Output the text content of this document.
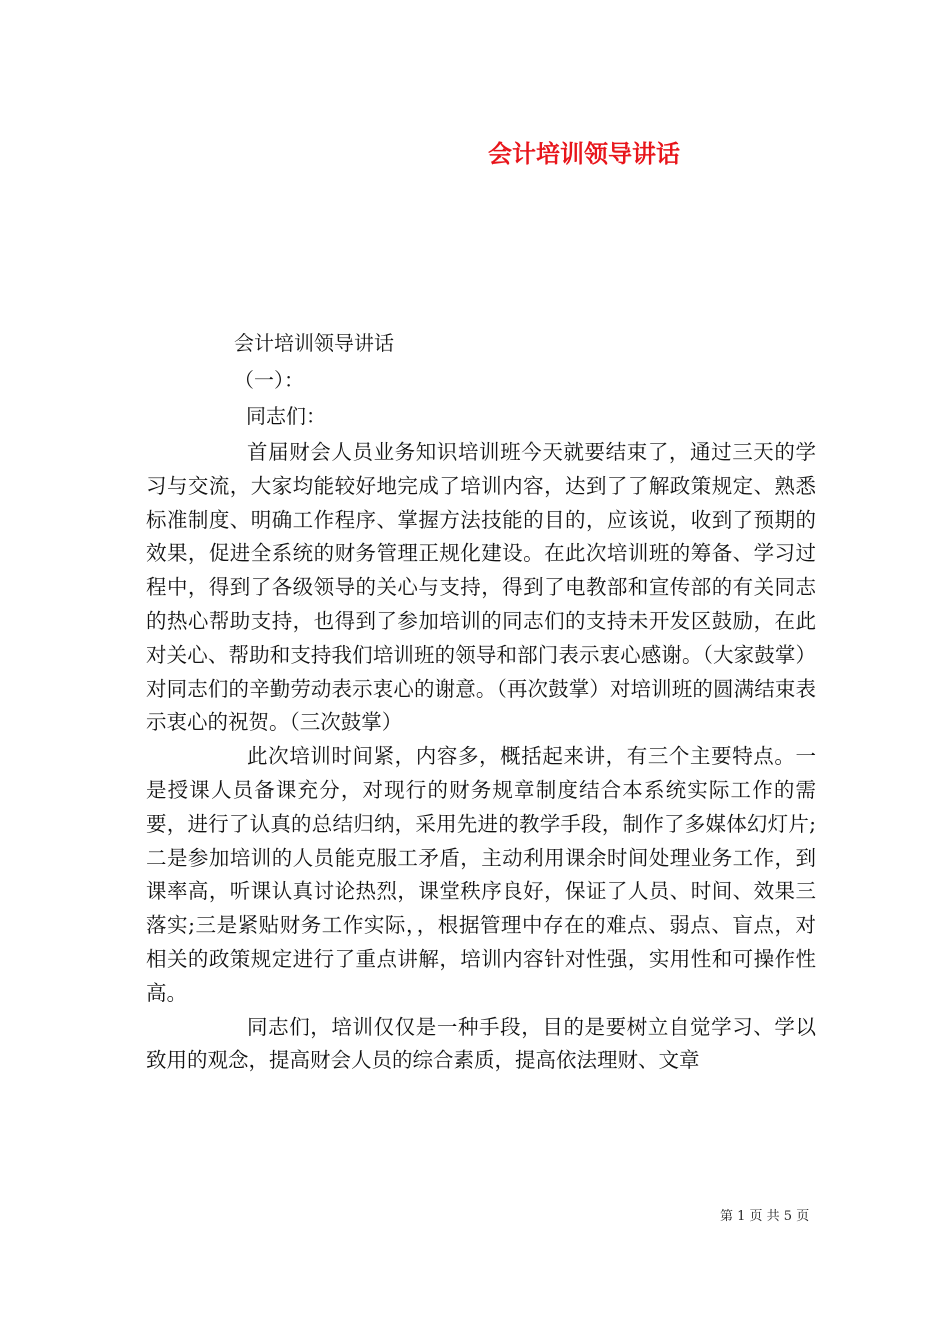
会计培训领导讲话
会计培训领导讲话
（一）：
同志们：

首届财会人员业务知识培训班今天就要结束了，通过三天的学习与交流，大家均能较好地完成了培训内容，达到了了解政策规定、熟悉标准制度、明确工作程序、掌握方法技能的目的，应该说，收到了预期的效果，促进全系统的财务管理正规化建设。在此次培训班的筹备、学习过程中，得到了各级领导的关心与支持，得到了电教部和宣传部的有关同志的热心帮助支持，也得到了参加培训的同志们的支持未开发区鼓励，在此对关心、帮助和支持我们培训班的领导和部门表示衷心感谢。（大家鼓掌）对同志们的辛勤劳动表示衷心的谢意。（再次鼓掌）对培训班的圆满结束表示衷心的祝贺。（三次鼓掌）

此次培训时间紧，内容多，概括起来讲，有三个主要特点。一是授课人员备课充分，对现行的财务规章制度结合本系统实际工作的需要，进行了认真的总结归纳，采用先进的教学手段，制作了多媒体幻灯片;二是参加培训的人员能克服工矛盾，主动利用课余时间处理业务工作，到课率高，听课认真讨论热烈，课堂秩序良好，保证了人员、时间、效果三落实;三是紧贴财务工作实际，，根据管理中存在的难点、弱点、盲点，对相关的政策规定进行了重点讲解，培训内容针对性强，实用性和可操作性高。

同志们，培训仅仅是一种手段，目的是要树立自觉学习、学以致用的观念，提高财会人员的综合素质，提高依法理财、文章

第 1 页 共 5 页
